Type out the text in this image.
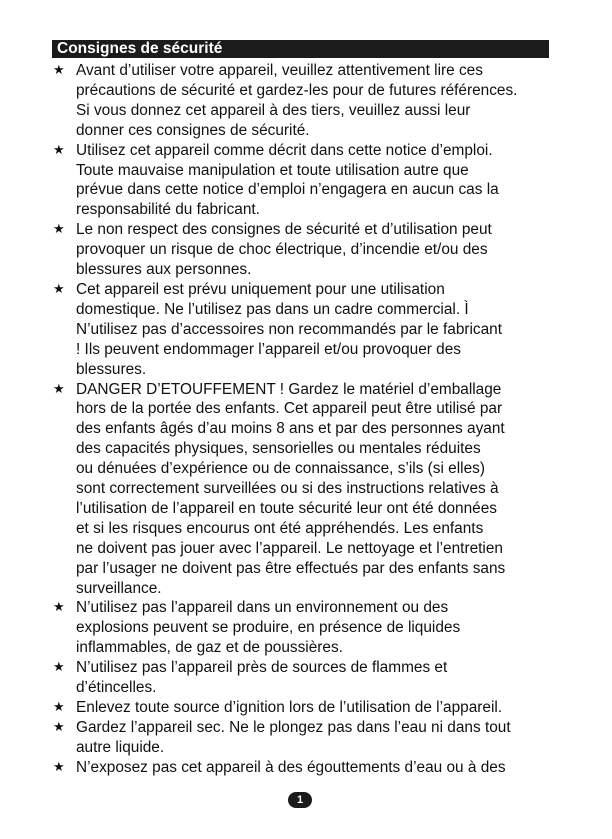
Consignes de sécurité
★ Avant d’utiliser votre appareil, veuillez attentivement lire ces
précautions de sécurité et gardez-les pour de futures références.
Si vous donnez cet appareil à des tiers, veuillez aussi leur
donner ces consignes de sécurité.
★ Utilisez cet appareil comme décrit dans cette notice d’emploi.
Toute mauvaise manipulation et toute utilisation autre que
prévue dans cette notice d’emploi n’engagera en aucun cas la
responsabilité du fabricant.
★ Le non respect des consignes de sécurité et d’utilisation peut
provoquer un risque de choc électrique, d’incendie et/ou des
blessures aux personnes.
★ Cet appareil est prévu uniquement pour une utilisation
domestique. Ne l’utilisez pas dans un cadre commercial. Ì
N’utilisez pas d’accessoires non recommandés par le fabricant
! Ils peuvent endommager l’appareil et/ou provoquer des
blessures.
★ DANGER D’ETOUFFEMENT ! Gardez le matériel d’emballage
hors de la portée des enfants. Cet appareil peut être utilisé par
des enfants âgés d’au moins 8 ans et par des personnes ayant
des capacités physiques, sensorielles ou mentales réduites
ou dénuées d’expérience ou de connaissance, s’ils (si elles)
sont correctement surveillées ou si des instructions relatives à
l’utilisation de l’appareil en toute sécurité leur ont été données
et si les risques encourus ont été appréhendés. Les enfants
ne doivent pas jouer avec l’appareil. Le nettoyage et l’entretien
par l’usager ne doivent pas être effectués par des enfants sans
surveillance.
★ N’utilisez pas l’appareil dans un environnement ou des
explosions peuvent se produire, en présence de liquides
inflammables, de gaz et de poussières.
★ N’utilisez pas l’appareil près de sources de flammes et
d’étincelles.
★ Enlevez toute source d’ignition lors de l’utilisation de l’appareil.
★ Gardez l’appareil sec. Ne le plongez pas dans l’eau ni dans tout
autre liquide.
★ N’exposez pas cet appareil à des égouttements d’eau ou à des
1
